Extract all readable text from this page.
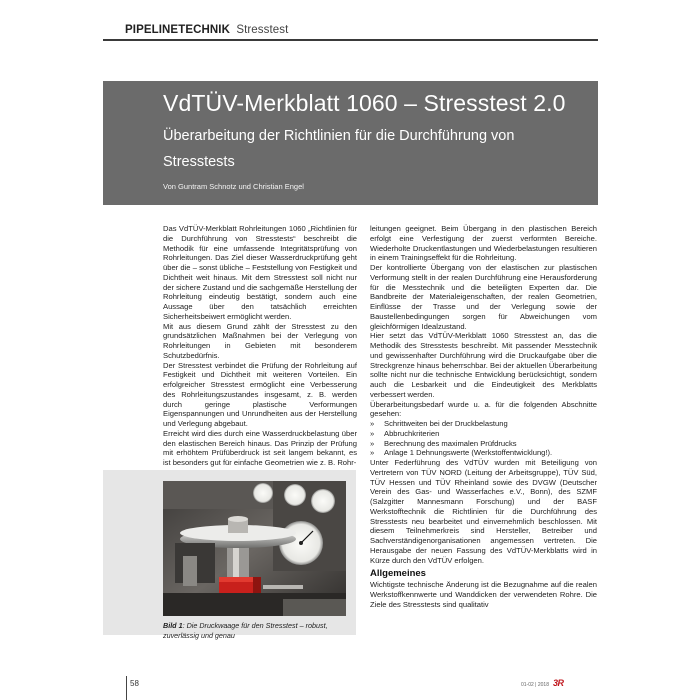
PIPELINETECHNIK Stresstest
VdTÜV-Merkblatt 1060 – Stresstest 2.0
Überarbeitung der Richtlinien für die Durchführung von Stresstests
Von Guntram Schnotz und Christian Engel

Das VdTÜV-Merkblatt Rohrleitungen 1060 „Richtlinien für die Durchführung von Stresstests“ beschreibt die Methodik für eine umfassende Integritätsprüfung von Rohrleitungen. Das Ziel dieser Wasserdruckprüfung geht über die – sonst übliche – Feststellung von Festigkeit und Dichtheit weit hinaus. Mit dem Stresstest soll nicht nur der sichere Zustand und die sachgemäße Herstellung der Rohrleitung eindeutig bestätigt, sondern auch eine Aussage über den tatsächlich erreichten Sicherheitsbeiwert ermöglicht werden.

Mit aus diesem Grund zählt der Stresstest zu den grundsätzlichen Maßnahmen bei der Verlegung von Rohrleitungen in Gebieten mit besonderem Schutzbedürfnis.

Der Stresstest verbindet die Prüfung der Rohrleitung auf Festigkeit und Dichtheit mit weiteren Vorteilen. Ein erfolgreicher Stresstest ermöglicht eine Verbesserung des Rohrleitungszustandes insgesamt, z. B. werden durch geringe plastische Verformungen Eigenspannungen und Unrundheiten aus der Herstellung und Verlegung abgebaut.

Erreicht wird dies durch eine Wasserdruckbelastung über den elastischen Bereich hinaus. Das Prinzip der Prüfung mit erhöhtem Prüfüberdruck ist seit langem bekannt, es ist besonders gut für einfache Geometrien wie z. B. Rohr-

leitungen geeignet. Beim Übergang in den plastischen Bereich erfolgt eine Verfestigung der zuerst verformten Bereiche. Wiederholte Druckentlastungen und Wiederbelastungen resultieren in einem Trainingseffekt für die Rohrleitung.

Der kontrollierte Übergang von der elastischen zur plastischen Verformung stellt in der realen Durchführung eine Herausforderung für die Messtechnik und die beteiligten Experten dar. Die Bandbreite der Materialeigenschaften, der realen Geometrien, Einflüsse der Trasse und der Verlegung sowie der Baustellenbedingungen sorgen für Abweichungen vom gleichförmigen Idealzustand.

Hier setzt das VdTÜV-Merkblatt 1060 Stresstest an, das die Methodik des Stresstests beschreibt. Mit passender Messtechnik und gewissenhafter Durchführung wird die Druckaufgabe über die Streckgrenze hinaus beherrschbar. Bei der aktuellen Überarbeitung sollte nicht nur die technische Entwicklung berücksichtigt, sondern auch die Lesbarkeit und die Eindeutigkeit des Merkblatts verbessert werden.

Überarbeitungsbedarf wurde u. a. für die folgenden Abschnitte gesehen:

» Schrittweiten bei der Druckbelastung
» Abbruchkriterien
» Berechnung des maximalen Prüfdrucks
» Anlage 1 Dehnungswerte (Werkstoffentwicklung!).

Unter Federführung des VdTÜV wurden mit Beteiligung von Vertretern von TÜV NORD (Leitung der Arbeitsgruppe), TÜV Süd, TÜV Hessen und TÜV Rheinland sowie des DVGW (Deutscher Verein des Gas- und Wasserfaches e.V., Bonn), des SZMF (Salzgitter Mannesmann Forschung) und der BASF Werkstofftechnik die Richtlinien für die Durchführung des Stresstests neu bearbeitet und einvernehmlich beschlossen. Mit diesem Teilnehmerkreis sind Hersteller, Betreiber und Sachverständigenorganisationen angemessen vertreten. Die Herausgabe der neuen Fassung des VdTÜV-Merkblatts wird in Kürze durch den VdTÜV erfolgen.

Allgemeines

Wichtigste technische Änderung ist die Bezugnahme auf die realen Werkstoffkennwerte und Wanddicken der verwendeten Rohre. Die Ziele des Stresstests sind qualitativ

Bild 1: Die Druckwaage für den Stresstest – robust, zuverlässig und genau
58	01-02 | 2018 3R
